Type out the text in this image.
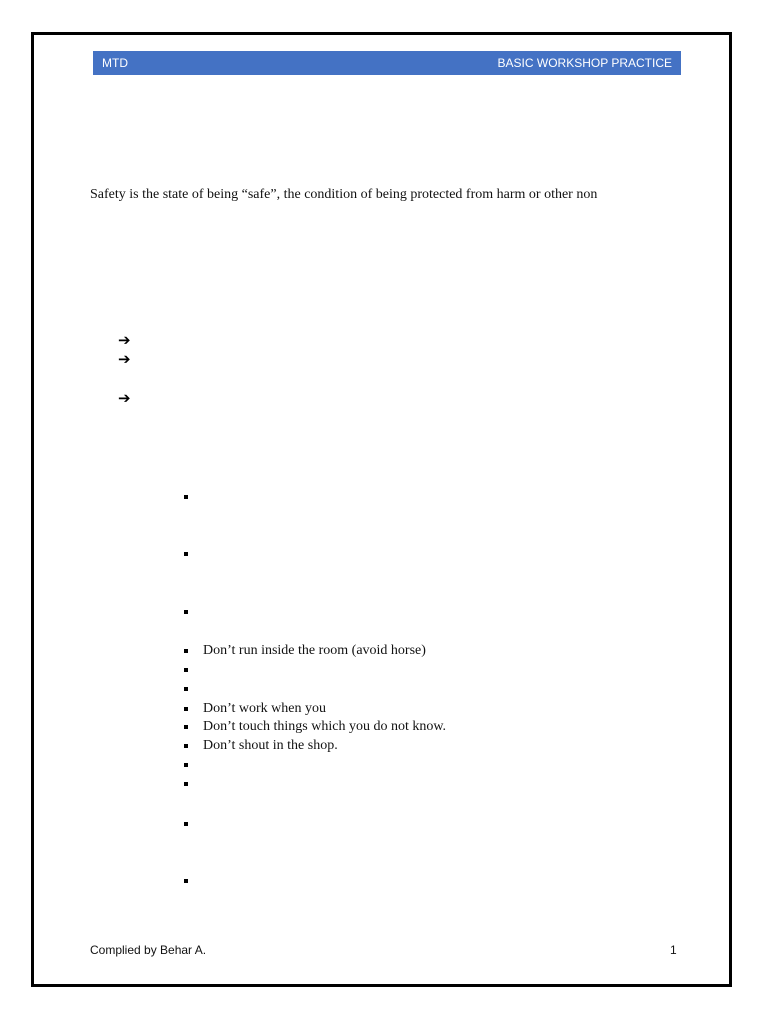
MTD	BASIC WORKSHOP PRACTICE
Safety is the state of being “safe”, the condition of being protected from harm or other non
➔
➔
➔
Don’t run inside the room (avoid horse)
Don’t work when you
Don’t touch things which you do not know.
Don’t shout in the shop.
Complied by Behar A.	1
